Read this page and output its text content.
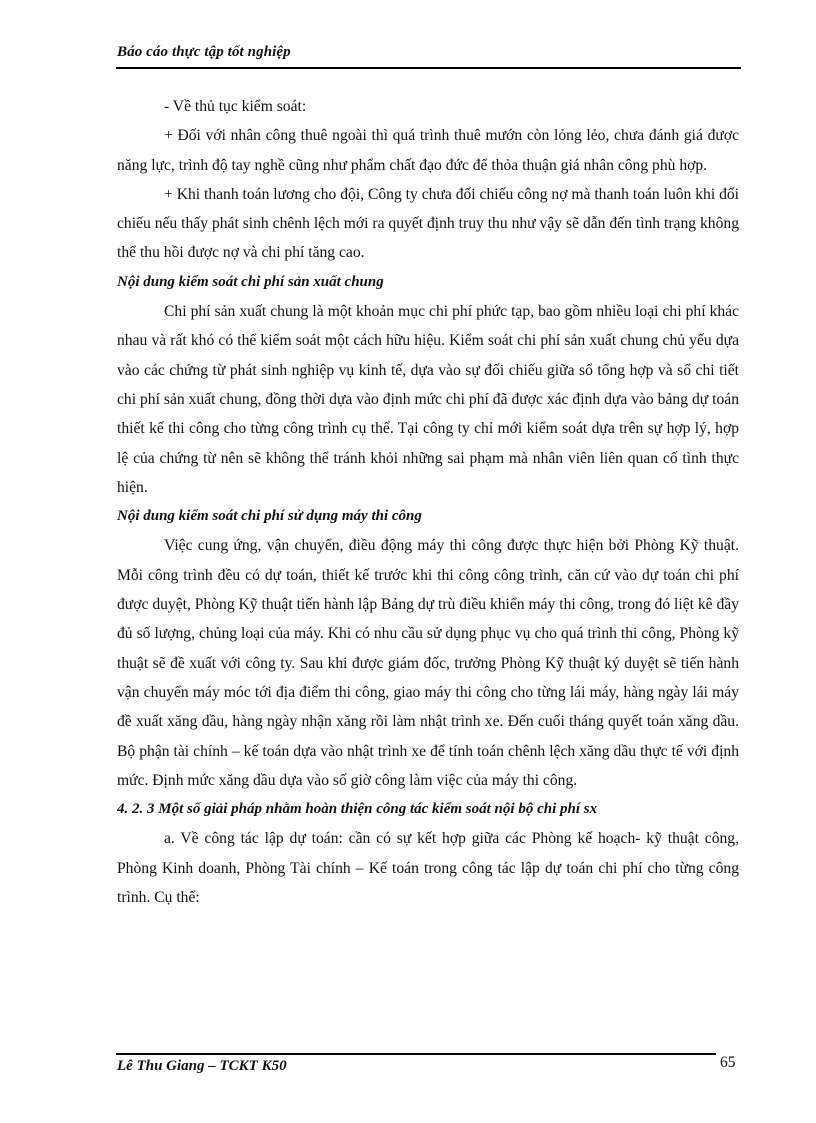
Báo cáo thực tập tốt nghiệp

- Về thủ tục kiểm soát:

+ Đối với nhân công thuê ngoài thì quá trình thuê mướn còn lỏng lẻo, chưa đánh giá được năng lực, trình độ tay nghề cũng như phẩm chất đạo đức để thỏa thuận giá nhân công phù hợp.

+ Khi thanh toán lương cho đội, Công ty chưa đối chiếu công nợ mà thanh toán luôn khi đối chiếu nếu thấy phát sinh chênh lệch mới ra quyết định truy thu như vậy sẽ dẫn đến tình trạng không thể thu hồi được nợ và chi phí tăng cao.

Nội dung kiểm soát chi phí sản xuất chung

Chi phí sản xuất chung là một khoản mục chi phí phức tạp, bao gồm nhiều loại chi phí khác nhau và rất khó có thể kiểm soát một cách hữu hiệu. Kiểm soát chi phí sản xuất chung chủ yếu dựa vào các chứng từ phát sinh nghiệp vụ kinh tế, dựa vào sự đối chiếu giữa sổ tổng hợp và sổ chi tiết chi phí sản xuất chung, đồng thời dựa vào định mức chi phí đã được xác định dựa vào bảng dự toán thiết kế thi công cho từng công trình cụ thể. Tại công ty chỉ mới kiểm soát dựa trên sự hợp lý, hợp lệ của chứng từ nên sẽ không thể tránh khỏi những sai phạm mà nhân viên liên quan cố tình thực hiện.

Nội dung kiểm soát chi phí sử dụng máy thi công

Việc cung ứng, vận chuyển, điều động máy thi công được thực hiện bởi Phòng Kỹ thuật. Mỗi công trình đều có dự toán, thiết kế trước khi thi công công trình, căn cứ vào dự toán chi phí được duyệt, Phòng Kỹ thuật tiến hành lập Bảng dự trù điều khiển máy thi công, trong đó liệt kê đầy đủ số lượng, chủng loại của máy. Khi có nhu cầu sử dụng phục vụ cho quá trình thi công, Phòng kỹ thuật sẽ đề xuất với công ty. Sau khi được giám đốc, trưởng Phòng Kỹ thuật ký duyệt sẽ tiến hành vận chuyển máy móc tới địa điểm thi công, giao máy thi công cho từng lái máy, hàng ngày lái máy đề xuất xăng dầu, hàng ngày nhận xăng rồi làm nhật trình xe. Đến cuối tháng quyết toán xăng dầu. Bộ phận tài chính – kế toán dựa vào nhật trình xe để tính toán chênh lệch xăng dầu thực tế với định mức. Định mức xăng dầu dựa vào số giờ công làm việc của máy thi công.

4. 2. 3 Một số giải pháp nhằm hoàn thiện công tác kiểm soát nội bộ chi phí sx

a. Về công tác lập dự toán: cần có sự kết hợp giữa các Phòng kế hoạch- kỹ thuật công, Phòng Kinh doanh, Phòng Tài chính – Kế toán trong công tác lập dự toán chi phí cho từng công trình. Cụ thể:

Lê Thu Giang – TCKT K50	65
